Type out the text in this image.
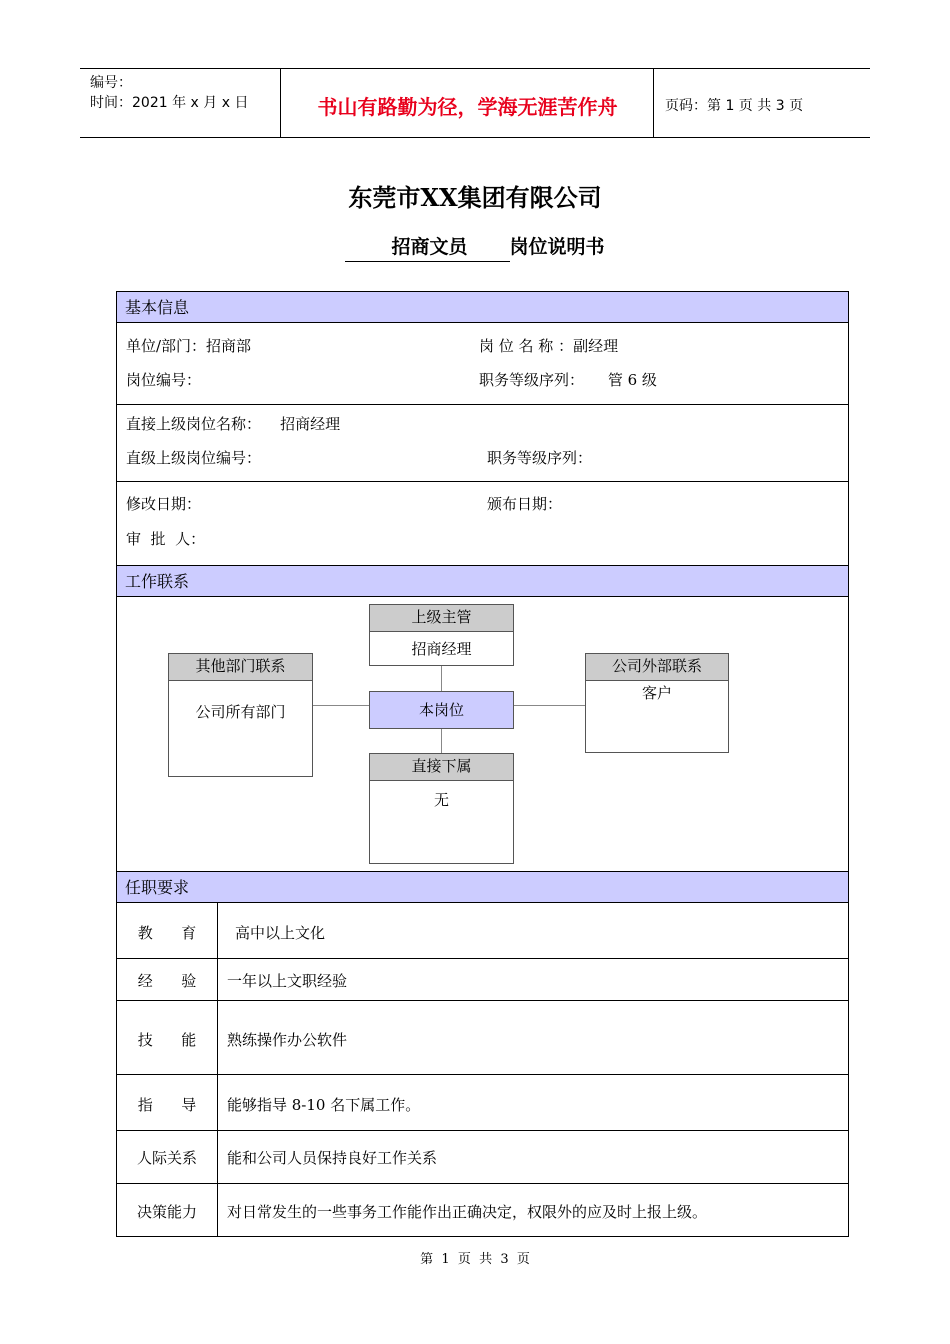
编号：
时间：2021 年 x 月 x 日	书山有路勤为径，学海无涯苦作舟	页码：第 1 页 共 3 页
东莞市XX集团有限公司
招商文员 岗位说明书
基本信息
单位/部门：招商部	岗 位 名 称 ：副经理
岗位编号：	职务等级序列：     管 6 级
直接上级岗位名称：    招商经理
直级上级岗位编号：	职务等级序列：
修改日期：	颁布日期：
审  批  人：
工作联系
上级主管
招商经理
其他部门联系
公司所有部门	本岗位
公司外部联系
客户
直接下属
无
任职要求
教      育	高中以上文化
经      验	一年以上文职经验
技      能	熟练操作办公软件
指      导	能够指导 8-10 名下属工作。
人际关系	能和公司人员保持良好工作关系
决策能力	对日常发生的一些事务工作能作出正确决定，权限外的应及时上报上级。
第  1  页  共  3  页
